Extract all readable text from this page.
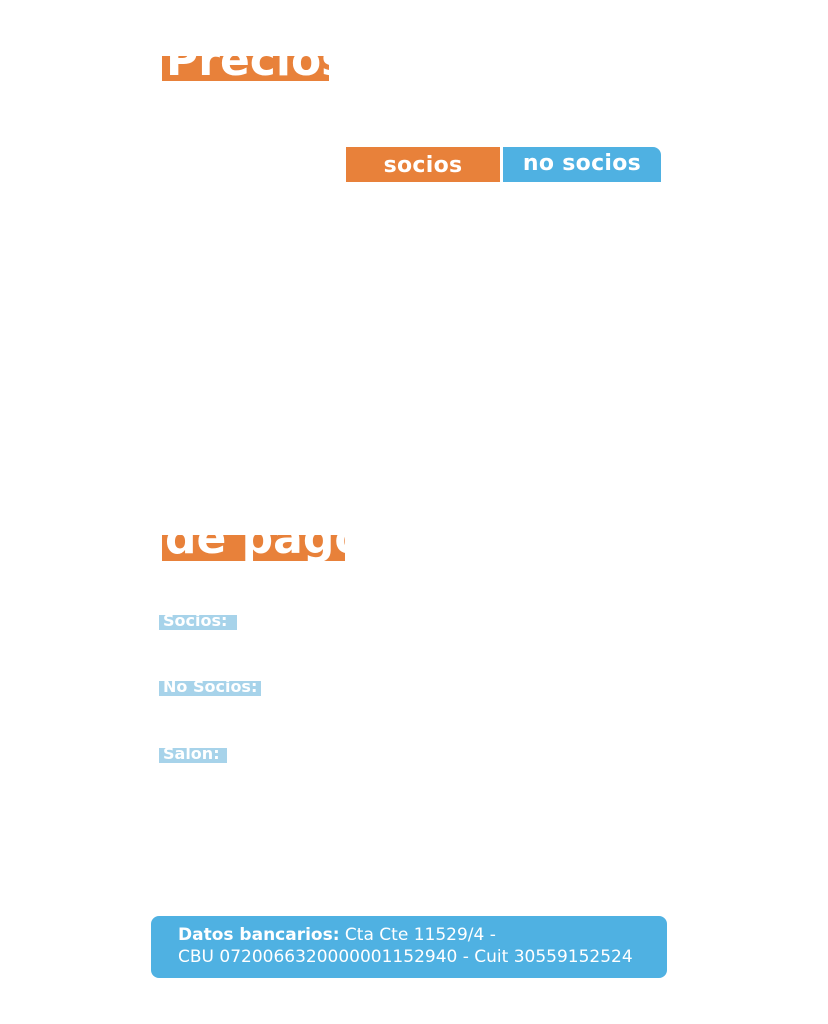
Precios:
socios	no socios
de pago:
Socios:
No Socios:
Salon:
Datos bancarios: Cta Cte 11529/4 -
CBU 0720066320000001152940 - Cuit 30559152524
